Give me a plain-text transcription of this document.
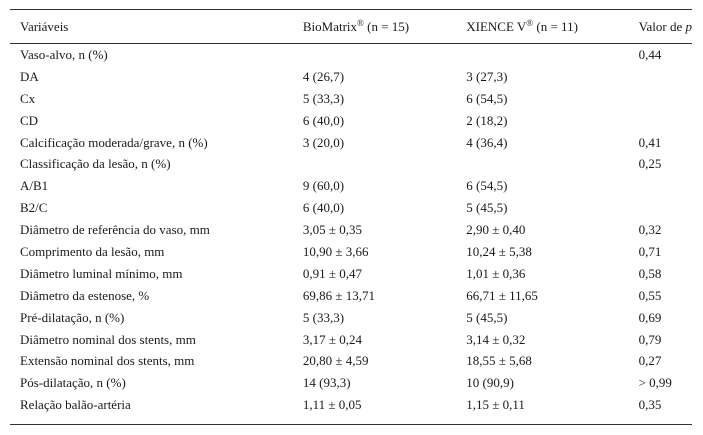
Variáveis	BioMatrix® (n = 15)	XIENCE V® (n = 11)	Valor de p
Vaso-alvo, n (%)			0,44
DA	4 (26,7)	3 (27,3)	
Cx	5 (33,3)	6 (54,5)	
CD	6 (40,0)	2 (18,2)	
Calcificação moderada/grave, n (%)	3 (20,0)	4 (36,4)	0,41
Classificação da lesão, n (%)			0,25
A/B1	9 (60,0)	6 (54,5)	
B2/C	6 (40,0)	5 (45,5)	
Diâmetro de referência do vaso, mm	3,05 ± 0,35	2,90 ± 0,40	0,32
Comprimento da lesão, mm	10,90 ± 3,66	10,24 ± 5,38	0,71
Diâmetro luminal mínimo, mm	0,91 ± 0,47	1,01 ± 0,36	0,58
Diâmetro da estenose, %	69,86 ± 13,71	66,71 ± 11,65	0,55
Pré-dilatação, n (%)	5 (33,3)	5 (45,5)	0,69
Diâmetro nominal dos stents, mm	3,17 ± 0,24	3,14 ± 0,32	0,79
Extensão nominal dos stents, mm	20,80 ± 4,59	18,55 ± 5,68	0,27
Pós-dilatação, n (%)	14 (93,3)	10 (90,9)	> 0,99
Relação balão-artéria	1,11 ± 0,05	1,15 ± 0,11	0,35
